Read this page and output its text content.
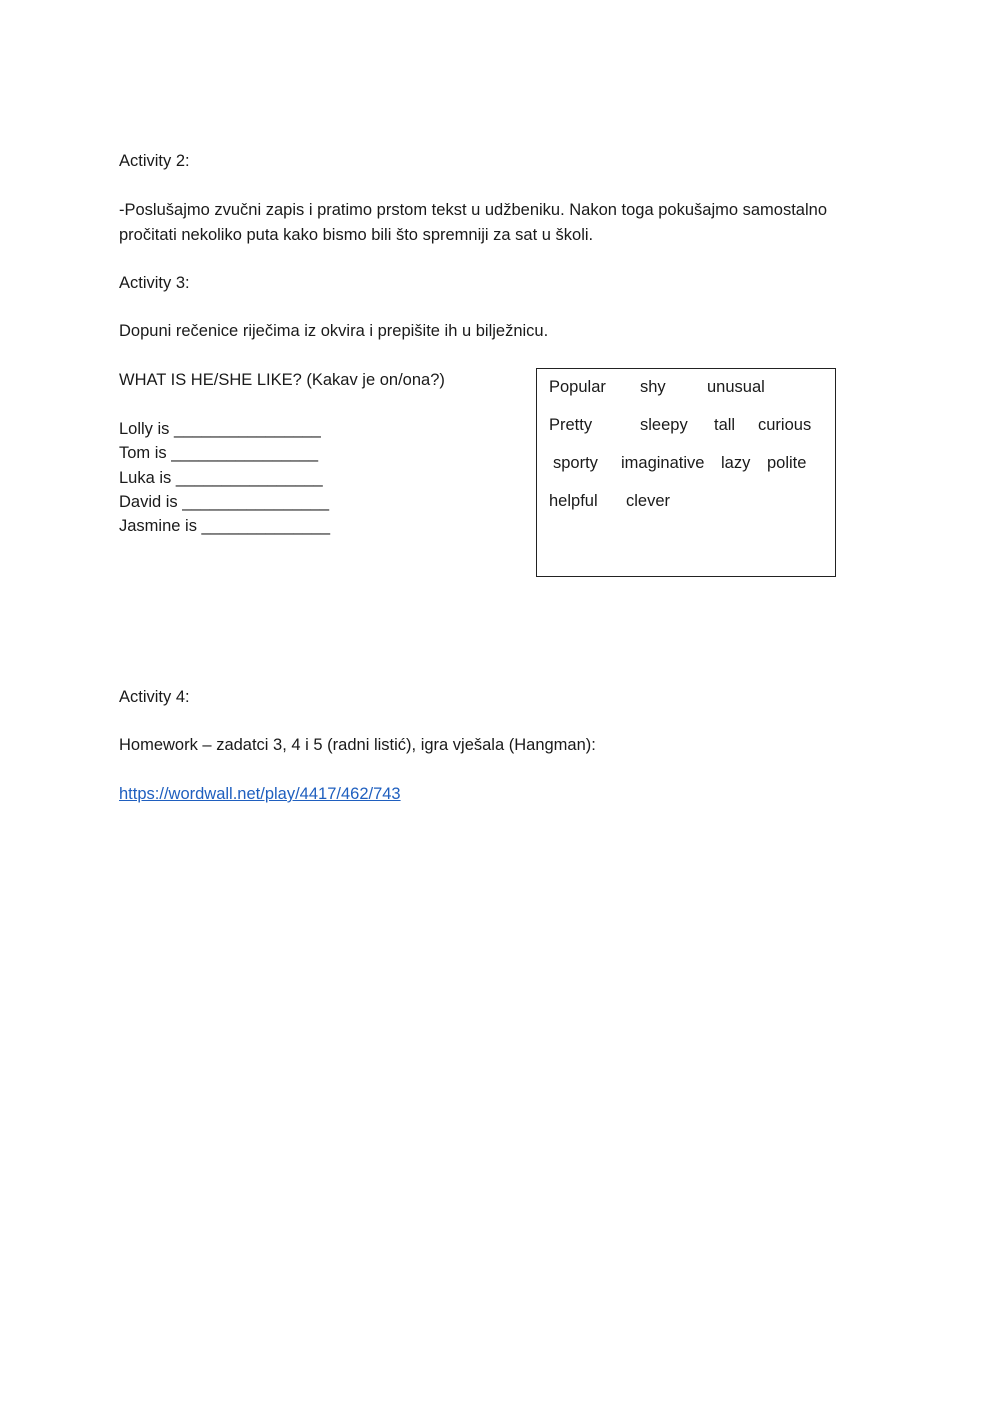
Activity 2:
-Poslušajmo zvučni zapis i pratimo prstom tekst u udžbeniku. Nakon toga pokušajmo samostalno
pročitati nekoliko puta kako bismo bili što spremniji za sat u školi.
Activity 3:
Dopuni rečenice riječima iz okvira i prepišite ih u bilježnicu.
WHAT IS HE/SHE LIKE? (Kakav je on/ona?)
Lolly is ________________
Tom is ________________
Luka is ________________
David is ________________
Jasmine is ______________
Popular shy	unusual
Pretty	sleepy tall curious
sporty imaginative lazy polite
helpful clever
Activity 4:
Homework – zadatci 3, 4 i 5 (radni listić), igra vješala (Hangman):
https://wordwall.net/play/4417/462/743
